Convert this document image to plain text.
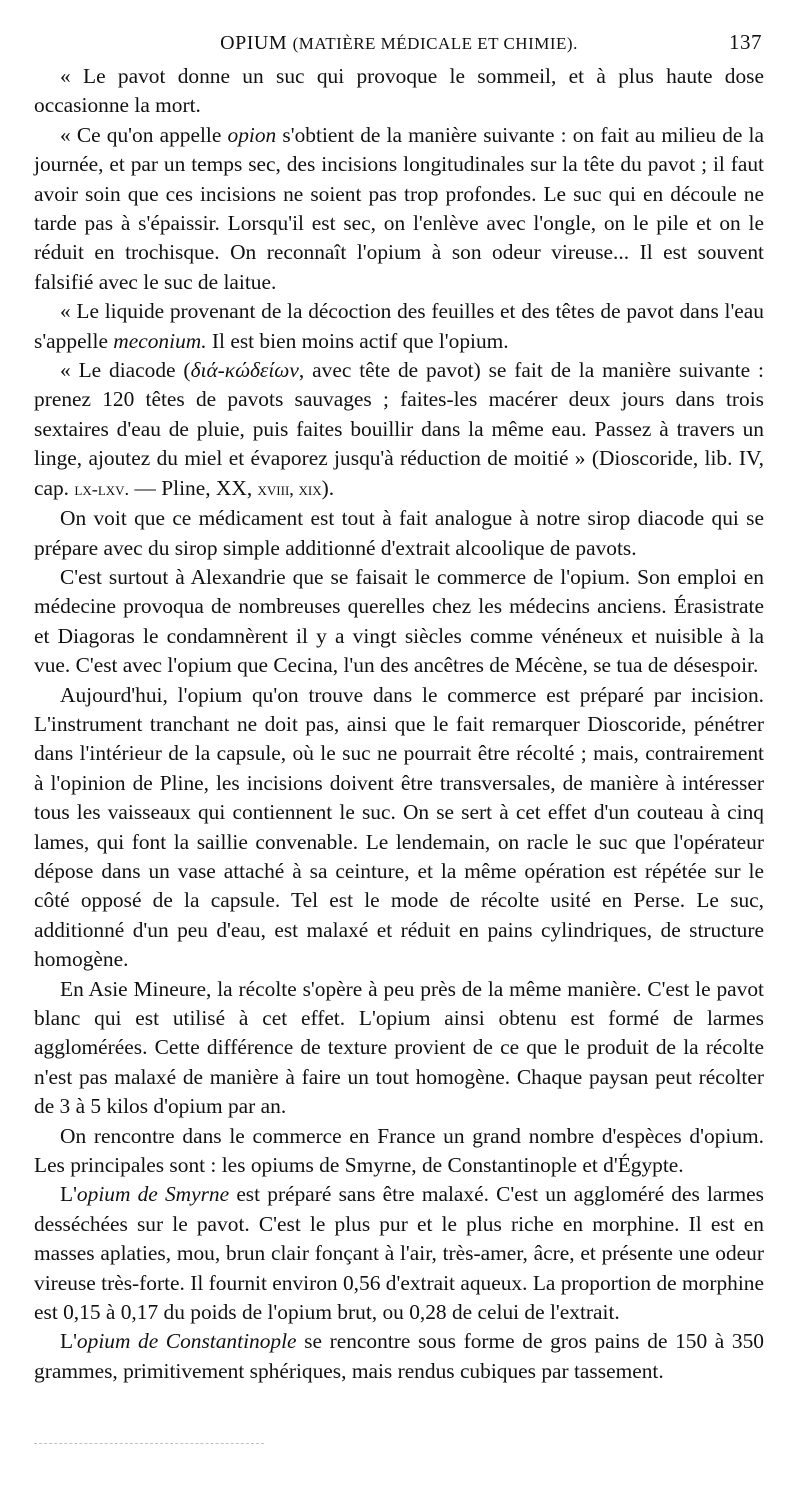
OPIUM (MATIÈRE MÉDICALE ET CHIMIE).	137

« Le pavot donne un suc qui provoque le sommeil, et à plus haute dose occasionne la mort.

« Ce qu'on appelle opion s'obtient de la manière suivante : on fait au milieu de la journée, et par un temps sec, des incisions longitudinales sur la tête du pavot ; il faut avoir soin que ces incisions ne soient pas trop profondes. Le suc qui en découle ne tarde pas à s'épaissir. Lorsqu'il est sec, on l'enlève avec l'ongle, on le pile et on le réduit en trochisque. On reconnaît l'opium à son odeur vireuse... Il est souvent falsifié avec le suc de laitue.

« Le liquide provenant de la décoction des feuilles et des têtes de pavot dans l'eau s'appelle meconium. Il est bien moins actif que l'opium.

« Le diacode (διά-κώδείων, avec tête de pavot) se fait de la manière suivante : prenez 120 têtes de pavots sauvages ; faites-les macérer deux jours dans trois sextaires d'eau de pluie, puis faites bouillir dans la même eau. Passez à travers un linge, ajoutez du miel et évaporez jusqu'à réduction de moitié » (Dioscoride, lib. IV, cap. lx-lxv. — Pline, XX, xviii, xix).

On voit que ce médicament est tout à fait analogue à notre sirop diacode qui se prépare avec du sirop simple additionné d'extrait alcoolique de pavots.

C'est surtout à Alexandrie que se faisait le commerce de l'opium. Son emploi en médecine provoqua de nombreuses querelles chez les médecins anciens. Érasistrate et Diagoras le condamnèrent il y a vingt siècles comme vénéneux et nuisible à la vue. C'est avec l'opium que Cecina, l'un des ancêtres de Mécène, se tua de désespoir.

Aujourd'hui, l'opium qu'on trouve dans le commerce est préparé par incision. L'instrument tranchant ne doit pas, ainsi que le fait remarquer Dioscoride, pénétrer dans l'intérieur de la capsule, où le suc ne pourrait être récolté ; mais, contrairement à l'opinion de Pline, les incisions doivent être transversales, de manière à intéresser tous les vaisseaux qui contiennent le suc. On se sert à cet effet d'un couteau à cinq lames, qui font la saillie convenable. Le lendemain, on racle le suc que l'opérateur dépose dans un vase attaché à sa ceinture, et la même opération est répétée sur le côté opposé de la capsule. Tel est le mode de récolte usité en Perse. Le suc, additionné d'un peu d'eau, est malaxé et réduit en pains cylindriques, de structure homogène.

En Asie Mineure, la récolte s'opère à peu près de la même manière. C'est le pavot blanc qui est utilisé à cet effet. L'opium ainsi obtenu est formé de larmes agglomérées. Cette différence de texture provient de ce que le produit de la récolte n'est pas malaxé de manière à faire un tout homogène. Chaque paysan peut récolter de 3 à 5 kilos d'opium par an.

On rencontre dans le commerce en France un grand nombre d'espèces d'opium. Les principales sont : les opiums de Smyrne, de Constantinople et d'Égypte.

L'opium de Smyrne est préparé sans être malaxé. C'est un aggloméré des larmes desséchées sur le pavot. C'est le plus pur et le plus riche en morphine. Il est en masses aplaties, mou, brun clair fonçant à l'air, très-amer, âcre, et présente une odeur vireuse très-forte. Il fournit environ 0,56 d'extrait aqueux. La proportion de morphine est 0,15 à 0,17 du poids de l'opium brut, ou 0,28 de celui de l'extrait.

L'opium de Constantinople se rencontre sous forme de gros pains de 150 à 350 grammes, primitivement sphériques, mais rendus cubiques par tassement.
